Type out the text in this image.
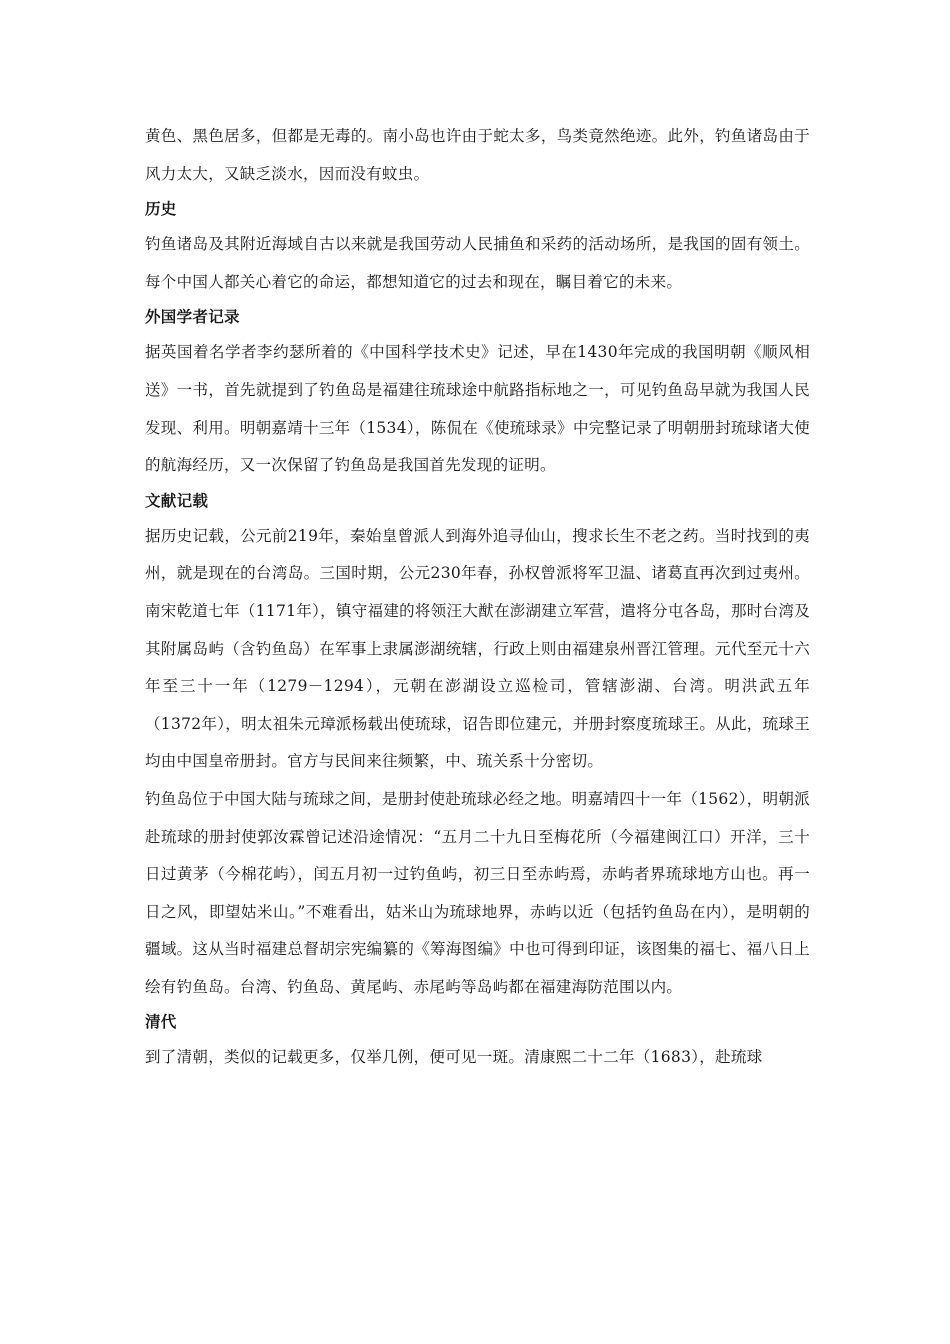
黄色、黑色居多，但都是无毒的。南小岛也许由于蛇太多，鸟类竟然绝迹。此外，钓鱼诸岛由于风力太大，又缺乏淡水，因而没有蚊虫。

历史

钓鱼诸岛及其附近海域自古以来就是我国劳动人民捕鱼和采药的活动场所，是我国的固有领土。每个中国人都关心着它的命运，都想知道它的过去和现在，瞩目着它的未来。

外国学者记录

据英国着名学者李约瑟所着的《中国科学技术史》记述，早在1430年完成的我国明朝《顺风相送》一书，首先就提到了钓鱼岛是福建往琉球途中航路指标地之一，可见钓鱼岛早就为我国人民发现、利用。明朝嘉靖十三年（1534），陈侃在《使琉球录》中完整记录了明朝册封琉球诸大使的航海经历，又一次保留了钓鱼岛是我国首先发现的证明。

文献记载

据历史记载，公元前219年，秦始皇曾派人到海外追寻仙山，搜求长生不老之药。当时找到的夷州，就是现在的台湾岛。三国时期，公元230年春，孙权曾派将军卫温、诸葛直再次到过夷州。南宋乾道七年（1171年），镇守福建的将领汪大猷在澎湖建立军营，遣将分屯各岛，那时台湾及其附属岛屿（含钓鱼岛）在军事上隶属澎湖统辖，行政上则由福建泉州晋江管理。元代至元十六年至三十一年（1279－1294），元朝在澎湖设立巡检司，管辖澎湖、台湾。明洪武五年（1372年），明太祖朱元璋派杨载出使琉球，诏告即位建元，并册封察度琉球王。从此，琉球王均由中国皇帝册封。官方与民间来往频繁，中、琉关系十分密切。

钓鱼岛位于中国大陆与琉球之间，是册封使赴琉球必经之地。明嘉靖四十一年（1562），明朝派赴琉球的册封使郭汝霖曾记述沿途情况：“五月二十九日至梅花所（今福建闽江口）开洋，三十日过黄茅（今棉花屿），闰五月初一过钓鱼屿，初三日至赤屿焉，赤屿者界琉球地方山也。再一日之风，即望姑米山。”不难看出，姑米山为琉球地界，赤屿以近（包括钓鱼岛在内），是明朝的疆域。这从当时福建总督胡宗宪编纂的《筹海图编》中也可得到印证，该图集的福七、福八日上绘有钓鱼岛。台湾、钓鱼岛、黄尾屿、赤尾屿等岛屿都在福建海防范围以内。

清代

到了清朝，类似的记载更多，仅举几例，便可见一斑。清康熙二十二年（1683），赴琉球
